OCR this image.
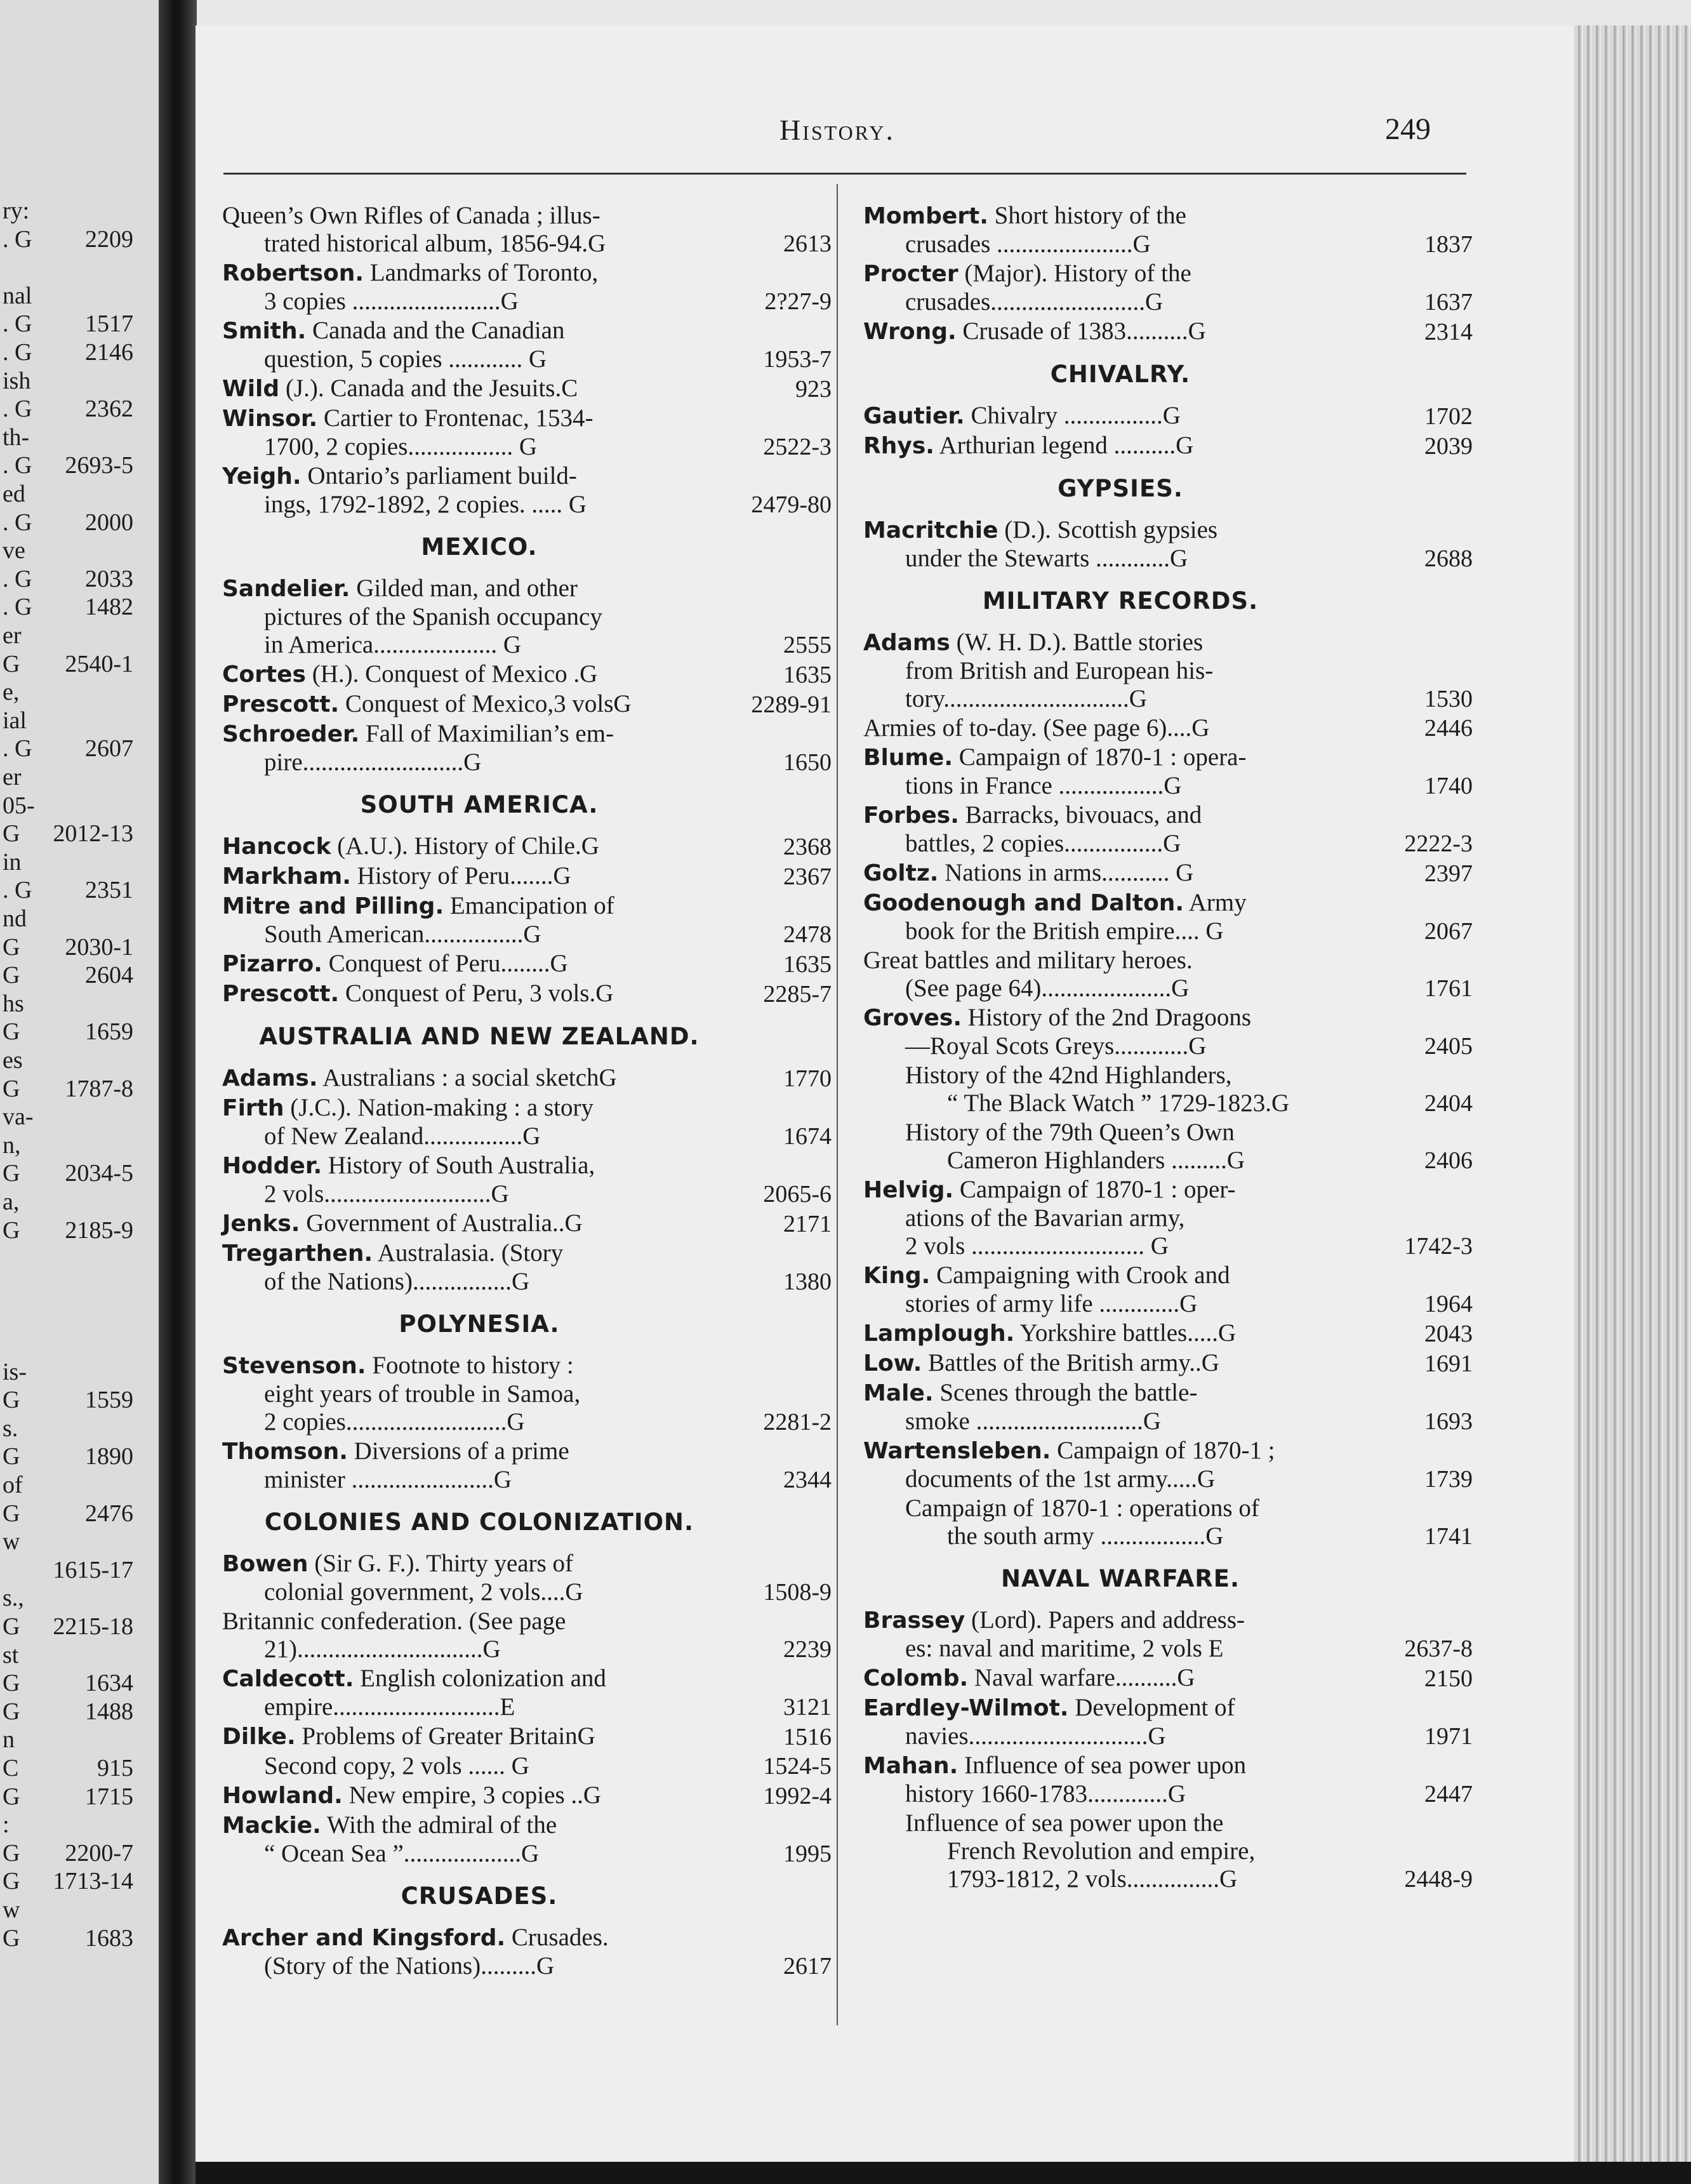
ry:
. G 2209
nal
. G 1517
. G 2146
ish
. G 2362
th-
. G 2693-5
ed
. G 2000
ve
. G 2033
. G 1482
er
G 2540-1
e,
ial
. G 2607
er
05-
G 2012-13
in
. G 2351
nd
G 2030-1
G	2604
hs
G	1659
es
G 1787-8
va-
n,
G 2034-5
a,
G 2185-9
is-
G	1559
s.
G	1890
of
G	2476
w
1615-17
s.,
G 2215-18
st
G	1634
G	1488
n
C	915
G	1715
:
G 2200-7
G 1713-14
w
G	1683
History.	249
Queen’s Own Rifles of Canada ; illus-
trated historical album, 1856-94.G	2613
Robertson. Landmarks of Toronto,
3 copies ........................G	2?27-9
Smith. Canada and the Canadian
question, 5 copies ............ G	1953-7
Wild (J.). Canada and the Jesuits.C	923
Winsor. Cartier to Frontenac, 1534-
1700, 2 copies................. G	2522-3
Yeigh. Ontario’s parliament build-
ings, 1792-1892, 2 copies. ..... G	2479-80
MEXICO.
Sandelier. Gilded man, and other
pictures of the Spanish occupancy
in America.................... G	2555
Cortes (H.). Conquest of Mexico .G	1635
Prescott. Conquest of Mexico,3 volsG	2289-91
Schroeder. Fall of Maximilian’s em-
pire..........................G	1650
SOUTH AMERICA.
Hancock (A.U.). History of Chile.G	2368
Markham. History of Peru.......G	2367
Mitre and Pilling. Emancipation of
South American................G	2478
Pizarro. Conquest of Peru........G	1635
Prescott. Conquest of Peru, 3 vols.G	2285-7
AUSTRALIA AND NEW ZEALAND.
Adams. Australians : a social sketchG	1770
Firth (J.C.). Nation-making : a story
of New Zealand................G	1674
Hodder. History of South Australia,
2 vols...........................G	2065-6
Jenks. Government of Australia..G	2171
Tregarthen. Australasia. (Story
of the Nations)................G	1380
POLYNESIA.
Stevenson. Footnote to history :
eight years of trouble in Samoa,
2 copies..........................G	2281-2
Thomson. Diversions of a prime
minister .......................G	2344
COLONIES AND COLONIZATION.
Bowen (Sir G. F.). Thirty years of
colonial government, 2 vols....G	1508-9
Britannic confederation. (See page
21)..............................G	2239
Caldecott. English colonization and
empire...........................E	3121
Dilke. Problems of Greater BritainG	1516
Second copy, 2 vols ...... G	1524-5
Howland. New empire, 3 copies ..G	1992-4
Mackie. With the admiral of the
“ Ocean Sea ”...................G	1995
CRUSADES.
Archer and Kingsford. Crusades.
(Story of the Nations).........G	2617
Mombert. Short history of the
crusades ......................G	1837
Procter (Major). History of the
crusades.........................G	1637
Wrong. Crusade of 1383..........G	2314
CHIVALRY.
Gautier. Chivalry ................G	1702
Rhys. Arthurian legend ..........G	2039
GYPSIES.
Macritchie (D.). Scottish gypsies
under the Stewarts ............G	2688
MILITARY RECORDS.
Adams (W. H. D.). Battle stories
from British and European his-
tory..............................G	1530
Armies of to-day. (See page 6)....G	2446
Blume. Campaign of 1870-1 : opera-
tions in France .................G	1740
Forbes. Barracks, bivouacs, and
battles, 2 copies................G	2222-3
Goltz. Nations in arms........... G	2397
Goodenough and Dalton. Army
book for the British empire.... G	2067
Great battles and military heroes.
(See page 64).....................G	1761
Groves. History of the 2nd Dragoons
—Royal Scots Greys............G	2405
History of the 42nd Highlanders,
“ The Black Watch ” 1729-1823.G	2404
History of the 79th Queen’s Own
Cameron Highlanders .........G	2406
Helvig. Campaign of 1870-1 : oper-
ations of the Bavarian army,
2 vols ............................ G	1742-3
King. Campaigning with Crook and
stories of army life .............G	1964
Lamplough. Yorkshire battles.....G	2043
Low. Battles of the British army..G	1691
Male. Scenes through the battle-
smoke ...........................G	1693
Wartensleben. Campaign of 1870-1 ;
documents of the 1st army.....G	1739
Campaign of 1870-1 : operations of
the south army .................G	1741
NAVAL WARFARE.
Brassey (Lord). Papers and address-
es: naval and maritime, 2 vols E	2637-8
Colomb. Naval warfare..........G	2150
Eardley-Wilmot. Development of
navies.............................G	1971
Mahan. Influence of sea power upon
history 1660-1783.............G	2447
Influence of sea power upon the
French Revolution and empire,
1793-1812, 2 vols...............G	2448-9
